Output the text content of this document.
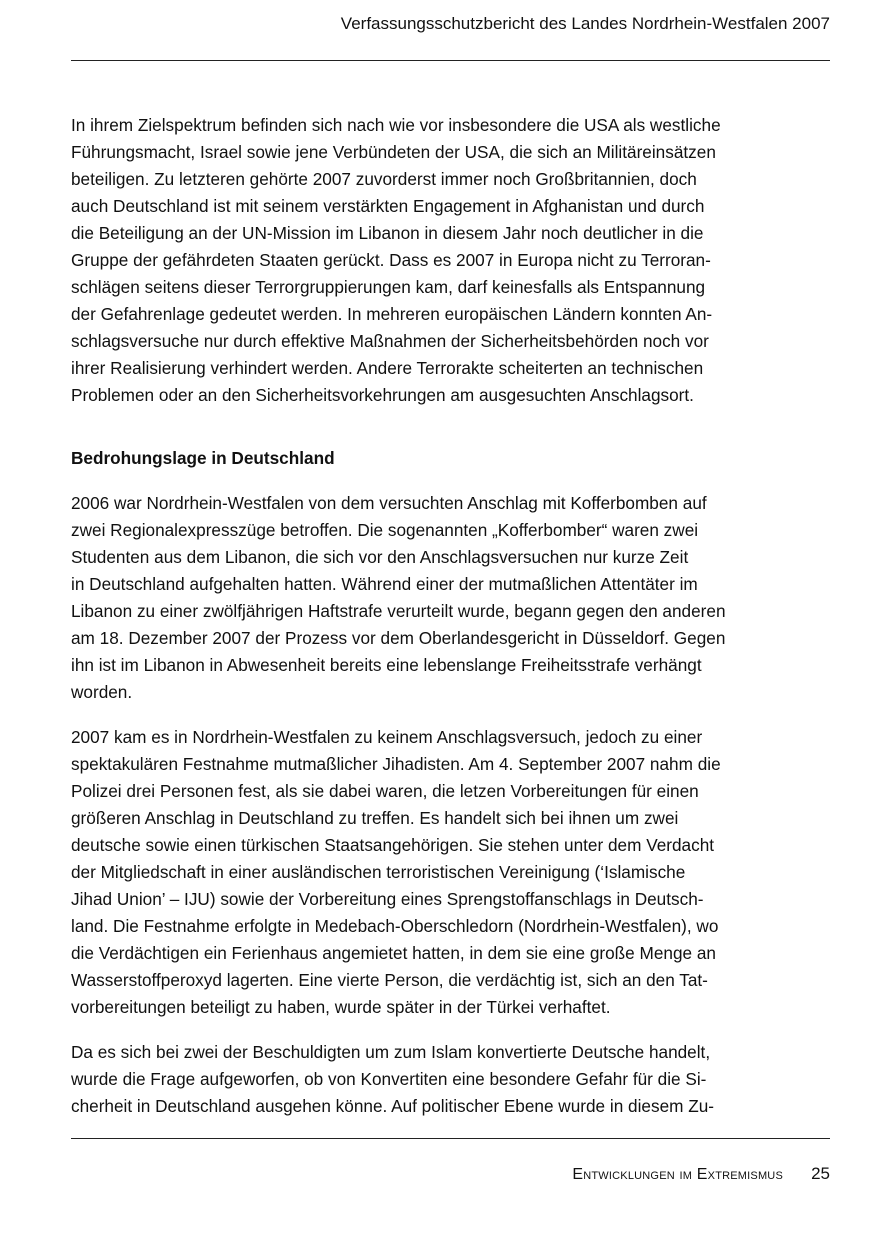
Verfassungsschutzbericht des Landes Nordrhein-Westfalen 2007
In ihrem Zielspektrum befinden sich nach wie vor insbesondere die USA als westliche
Führungsmacht, Israel sowie jene Verbündeten der USA, die sich an Militäreinsätzen
beteiligen. Zu letzteren gehörte 2007 zuvorderst immer noch Großbritannien, doch
auch Deutschland ist mit seinem verstärkten Engagement in Afghanistan und durch
die Beteiligung an der UN-Mission im Libanon in diesem Jahr noch deutlicher in die
Gruppe der gefährdeten Staaten gerückt. Dass es 2007 in Europa nicht zu Terroran-
schlägen seitens dieser Terrorgruppierungen kam, darf keinesfalls als Entspannung
der Gefahrenlage gedeutet werden. In mehreren europäischen Ländern konnten An-
schlagsversuche nur durch effektive Maßnahmen der Sicherheitsbehörden noch vor
ihrer Realisierung verhindert werden. Andere Terrorakte scheiterten an technischen
Problemen oder an den Sicherheitsvorkehrungen am ausgesuchten Anschlagsort.
Bedrohungslage in Deutschland
2006 war Nordrhein-Westfalen von dem versuchten Anschlag mit Kofferbomben auf
zwei Regionalexpresszüge betroffen. Die sogenannten „Kofferbomber“ waren zwei
Studenten aus dem Libanon, die sich vor den Anschlagsversuchen nur kurze Zeit
in Deutschland aufgehalten hatten. Während einer der mutmaßlichen Attentäter im
Libanon zu einer zwölfjährigen Haftstrafe verurteilt wurde, begann gegen den anderen
am 18. Dezember 2007 der Prozess vor dem Oberlandesgericht in Düsseldorf. Gegen
ihn ist im Libanon in Abwesenheit bereits eine lebenslange Freiheitsstrafe verhängt
worden.
2007 kam es in Nordrhein-Westfalen zu keinem Anschlagsversuch, jedoch zu einer
spektakulären Festnahme mutmaßlicher Jihadisten. Am 4. September 2007 nahm die
Polizei drei Personen fest, als sie dabei waren, die letzen Vorbereitungen für einen
größeren Anschlag in Deutschland zu treffen. Es handelt sich bei ihnen um zwei
deutsche sowie einen türkischen Staatsangehörigen. Sie stehen unter dem Verdacht
der Mitgliedschaft in einer ausländischen terroristischen Vereinigung (‘Islamische
Jihad Union’ – IJU) sowie der Vorbereitung eines Sprengstoffanschlags in Deutsch-
land. Die Festnahme erfolgte in Medebach-Oberschledorn (Nordrhein-Westfalen), wo
die Verdächtigen ein Ferienhaus angemietet hatten, in dem sie eine große Menge an
Wasserstoffperoxyd lagerten. Eine vierte Person, die verdächtig ist, sich an den Tat-
vorbereitungen beteiligt zu haben, wurde später in der Türkei verhaftet.
Da es sich bei zwei der Beschuldigten um zum Islam konvertierte Deutsche handelt,
wurde die Frage aufgeworfen, ob von Konvertiten eine besondere Gefahr für die Si-
cherheit in Deutschland ausgehen könne. Auf politischer Ebene wurde in diesem Zu-
Entwicklungen im Extremismus 25
